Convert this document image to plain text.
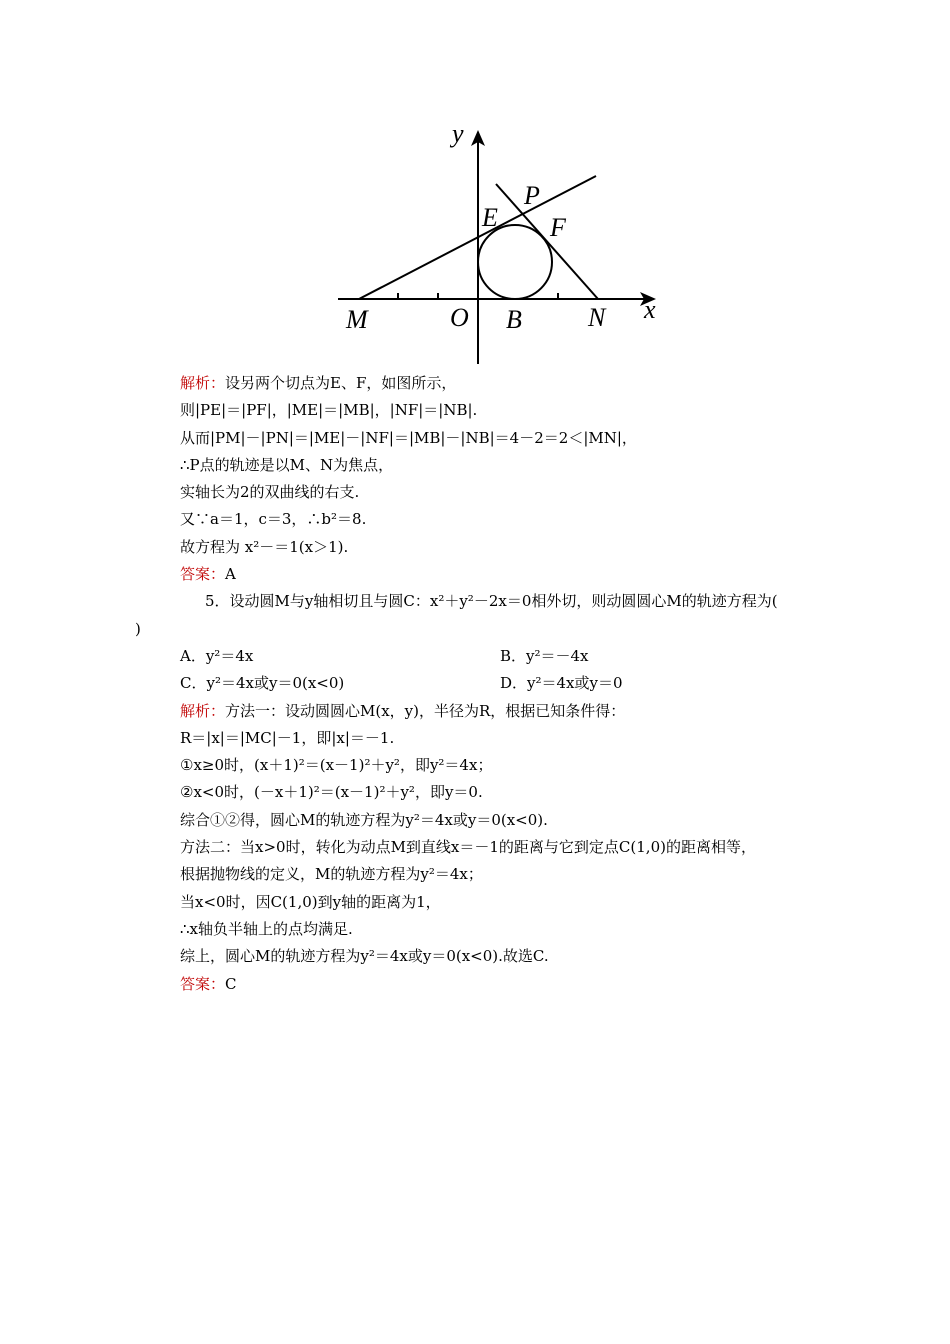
y
x
P
E F
M	O B	N
解析：设另两个切点为E、F，如图所示，
则|PE|＝|PF|，|ME|＝|MB|，|NF|＝|NB|.
从而|PM|－|PN|＝|ME|－|NF|＝|MB|－|NB|＝4－2＝2＜|MN|，
∴P点的轨迹是以M、N为焦点，
实轴长为2的双曲线的右支.
又∵a＝1，c＝3，∴b²＝8.
故方程为 x²－＝1(x＞1).
答案：A
5．设动圆M与y轴相切且与圆C：x²＋y²－2x＝0相外切，则动圆圆心M的轨迹方程为(
)
A．y²＝4x	B．y²＝－4x
C．y²＝4x或y＝0(x<0)	D．y²＝4x或y＝0
解析：方法一：设动圆圆心M(x，y)，半径为R，根据已知条件得：
R＝|x|＝|MC|－1，即|x|＝－1.
①x≥0时，(x＋1)²＝(x－1)²＋y²，即y²＝4x；
②x<0时，(－x＋1)²＝(x－1)²＋y²，即y＝0.
综合①②得，圆心M的轨迹方程为y²＝4x或y＝0(x<0).
方法二：当x>0时，转化为动点M到直线x＝－1的距离与它到定点C(1,0)的距离相等，
根据抛物线的定义，M的轨迹方程为y²＝4x；
当x<0时，因C(1,0)到y轴的距离为1，
∴x轴负半轴上的点均满足.
综上，圆心M的轨迹方程为y²＝4x或y＝0(x<0).故选C.
答案：C
